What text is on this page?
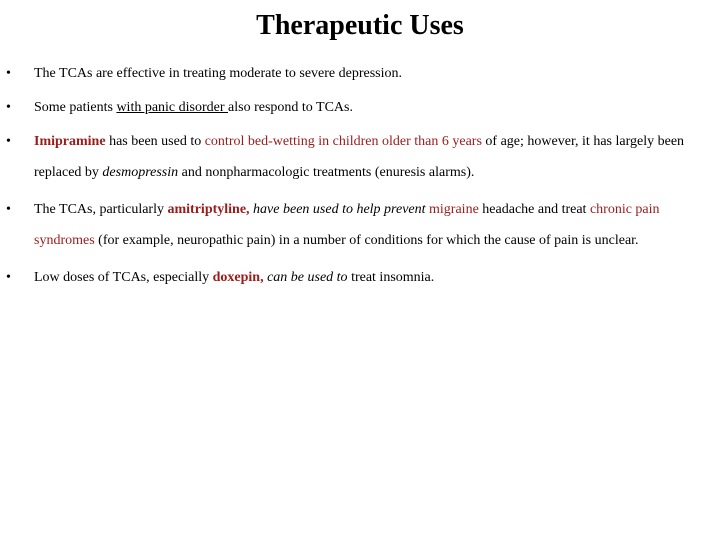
Therapeutic Uses
• The TCAs are effective in treating moderate to severe depression.
• Some patients with panic disorder also respond to TCAs.
• Imipramine has been used to control bed-wetting in children older than 6 years of age; however, it has largely been replaced by desmopressin and nonpharmacologic treatments (enuresis alarms).
• The TCAs, particularly amitriptyline, have been used to help prevent migraine headache and treat chronic pain syndromes (for example, neuropathic pain) in a number of conditions for which the cause of pain is unclear.
• Low doses of TCAs, especially doxepin, can be used to treat insomnia.
